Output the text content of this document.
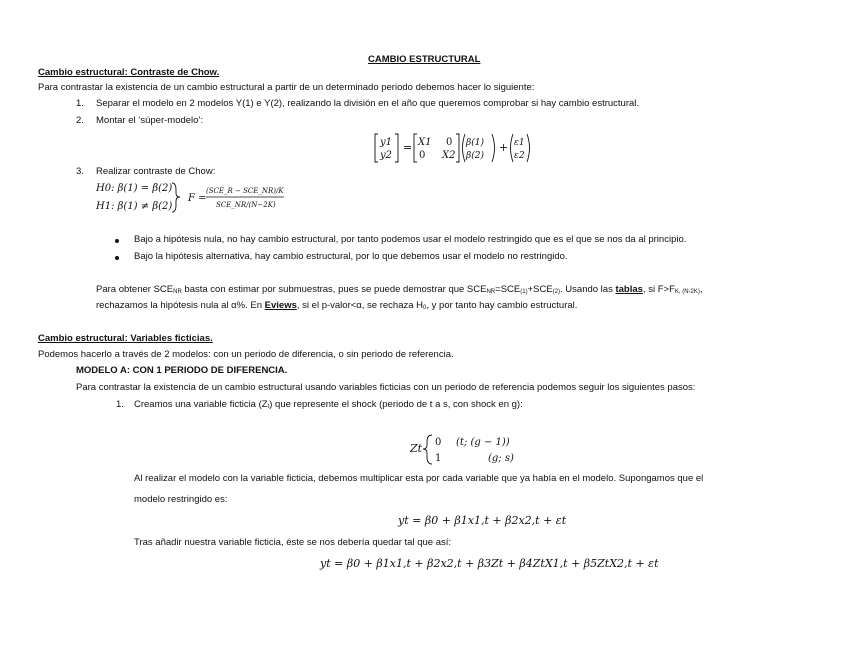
CAMBIO ESTRUCTURAL
Cambio estructural: Contraste de Chow.
Para contrastar la existencia de un cambio estructural a partir de un determinado periodo debemos hacer lo siguiente:
1. Separar el modelo en 2 modelos Y(1) e Y(2), realizando la división en el año que queremos comprobar si hay cambio estructural.
2. Montar el ‘súper-modelo’:
y1
y2
= X1 0
0 X2
β(1)
β(2)
+ ε1
ε2
3. Realizar contraste de Chow:
H0: β(1) = β(2)
H1: β(1) ≠ β(2)
F =
(SCE_R − SCE_NR)/K
SCE_NR/(N−2K)
Bajo a hipótesis nula, no hay cambio estructural, por tanto podemos usar el modelo restringido que es el que se nos da al principio.
Bajo la hipótesis alternativa, hay cambio estructural, por lo que debemos usar el modelo no restringido.
Para obtener $SCE_{NR}$ basta con estimar por submuestras, pues se puede demostrar que $SCE_{NR}=SCE_{(1)}+SCE_{(2)}$. Usando las tablas, si $F>F_{K, (N-2K)}$,
rechazamos la hipótesis nula al α%. En Eviews, si el p-valor<α, se rechaza $H_0$, y por tanto hay cambio estructural.
Cambio estructural: Variables ficticias.
Podemos hacerlo a través de 2 modelos: con un periodo de diferencia, o sin periodo de referencia.
MODELO A: CON 1 PERIODO DE DIFERENCIA.
Para contrastar la existencia de un cambio estructural usando variables ficticias con un periodo de referencia podemos seguir los siguientes pasos:
1. Creamos una variable ficticia $(Z_t)$ que represente el shock (periodo de t a s, con shock en g):
Zt 0 (t; (g − 1))
1	(g; s)
Al realizar el modelo con la variable ficticia, debemos multiplicar esta por cada variable que ya había en el modelo. Supongamos que el
modelo restringido es:
yt = β0 + β1x1,t + β2x2,t + εt
Tras añadir nuestra variable ficticia, éste se nos debería quedar tal que así:
yt = β0 + β1x1,t + β2x2,t + β3Zt + β4ZtX1,t + β5ZtX2,t + εt
